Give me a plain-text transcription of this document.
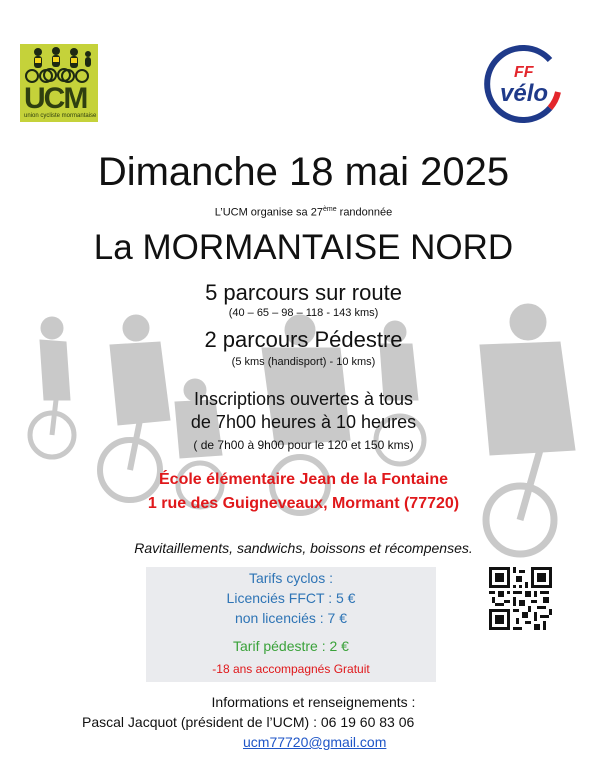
UCM
union cycliste mormantaise
FF
vélo
Dimanche 18 mai 2025
L’UCM organise sa 27ème randonnée
La MORMANTAISE NORD
5 parcours sur route
(40 – 65 – 98 – 118 - 143 kms)
2 parcours Pédestre
(5 kms (handisport) - 10 kms)
Inscriptions ouvertes à tous
de 7h00 heures à 10 heures
( de 7h00 à 9h00 pour le 120 et 150 kms)
École élémentaire Jean de la Fontaine
1 rue des Guigneveaux, Mormant (77720)
Ravitaillements, sandwichs, boissons et récompenses.
Tarifs cyclos :
Licenciés FFCT : 5 €
non licenciés : 7 €
Tarif pédestre : 2 €
-18 ans accompagnés Gratuit
Informations et renseignements :
Pascal Jacquot (président de l’UCM) : 06 19 60 83 06
ucm77720@gmail.com
